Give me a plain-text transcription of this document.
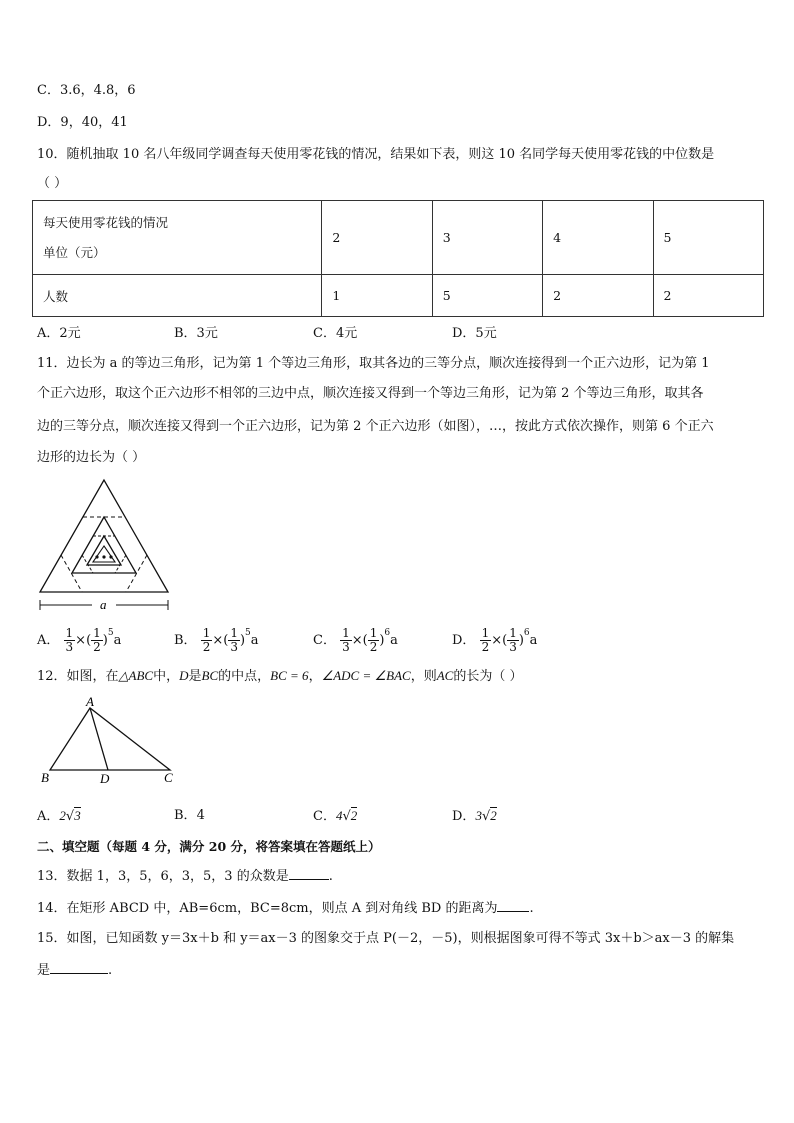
C．3.6，4.8，6
D．9，40，41
10．随机抽取 10 名八年级同学调查每天使用零花钱的情况，结果如下表，则这 10 名同学每天使用零花钱的中位数是
（ ）
每天使用零花钱的情况
单位（元）	2	3	4	5
人数	1	5	2	2
A．2元	B．3元	C．4元	D．5元
11．边长为 a 的等边三角形，记为第 1 个等边三角形，取其各边的三等分点，顺次连接得到一个正六边形，记为第 1
个正六边形，取这个正六边形不相邻的三边中点，顺次连接又得到一个等边三角形，记为第 2 个等边三角形，取其各
边的三等分点，顺次连接又得到一个正六边形，记为第 2 个正六边形（如图），…，按此方式依次操作，则第 6 个正六
边形的边长为（ ）
a
A． $\frac{1}{3}$ ×( $\frac{1}{2} )^5a$	B． $\frac{1}{2}$ ×( $\frac{1}{3} )^5a$	C． $\frac{1}{3}$ ×( $\frac{1}{2} )^6a$	D． $\frac{1}{2}$ ×( $\frac{1}{3} )^6a$
12．如图，在△ABC中，D是BC的中点，BC = 6，∠ADC = ∠BAC，则AC的长为（ ）
A
B	D	C
A．2√3	B．4	C．4√2	D．3√2
二、填空题（每题 4 分，满分 20 分，将答案填在答题纸上）
13．数据 1，3，5，6，3，5，3 的众数是	.
14．在矩形 ABCD 中，AB=6cm，BC=8cm，则点 A 到对角线 BD 的距离为 .
15．如图，已知函数 y＝3x＋b 和 y＝ax－3 的图象交于点 P(－2，－5)，则根据图象可得不等式 3x＋b＞ax－3 的解集
是	.
